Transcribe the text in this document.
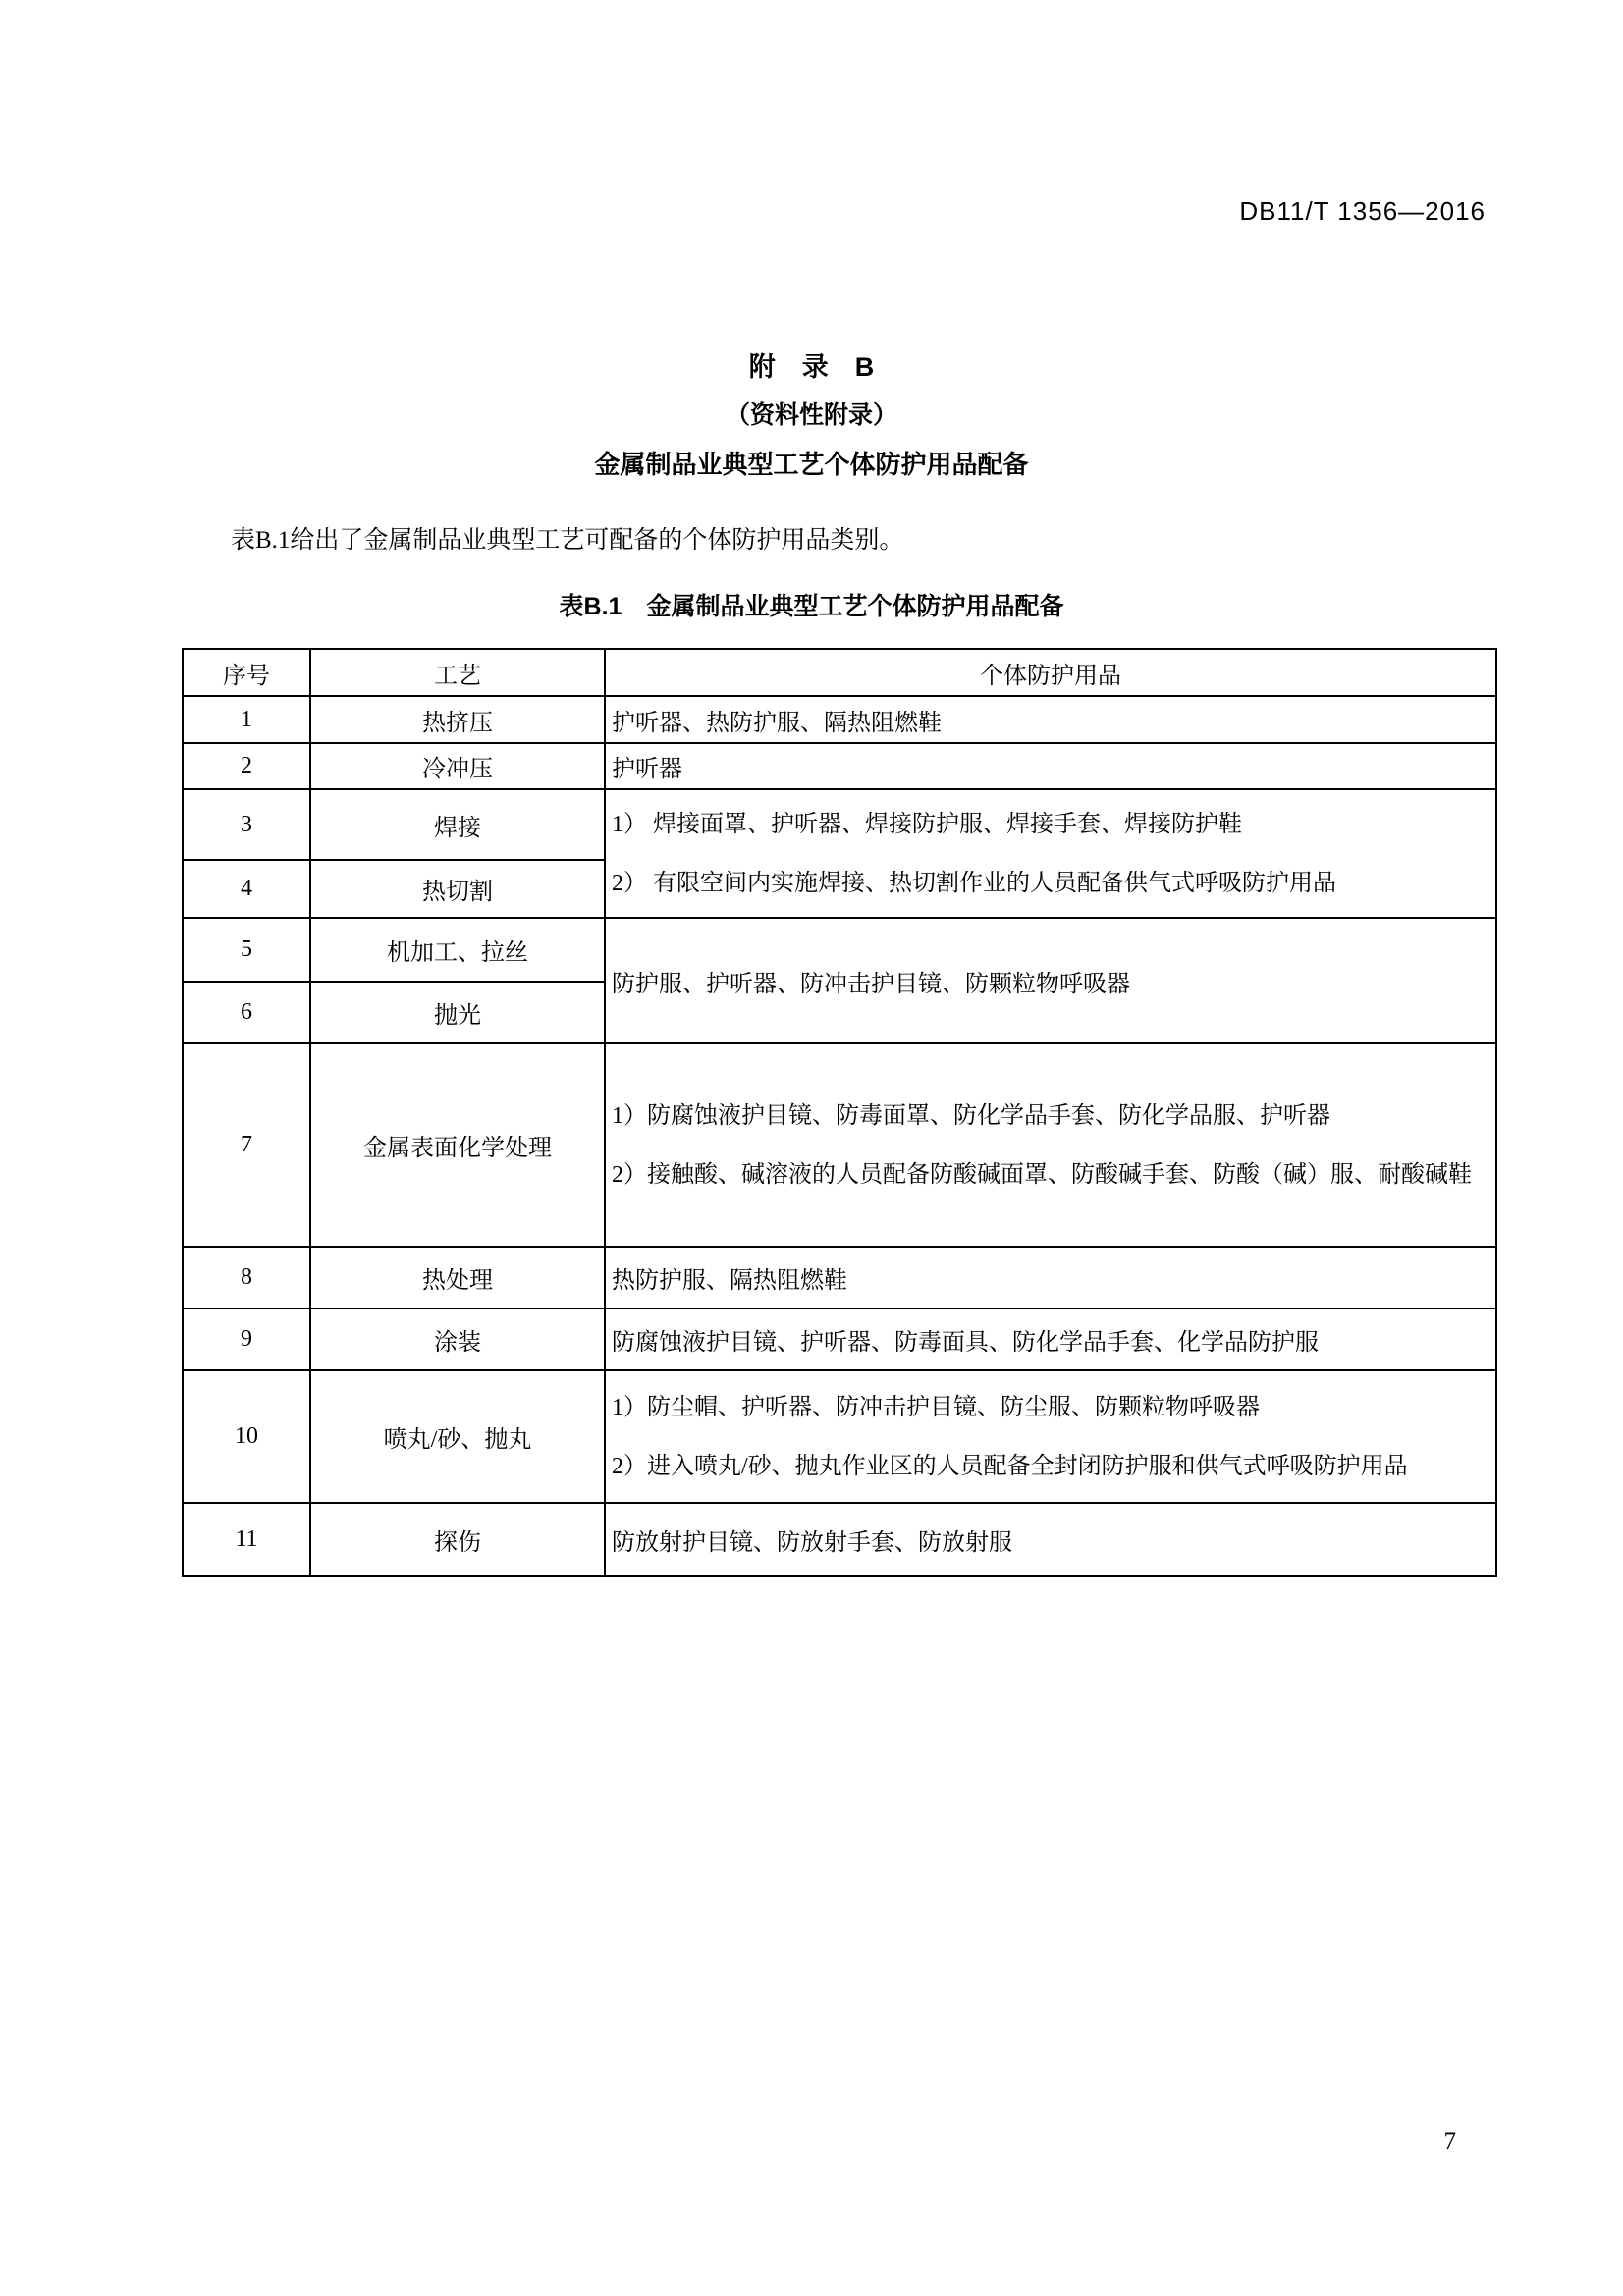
DB11/T 1356—2016
附　录　B
（资料性附录）
金属制品业典型工艺个体防护用品配备
表B.1给出了金属制品业典型工艺可配备的个体防护用品类别。
表B.1　金属制品业典型工艺个体防护用品配备
序号	工艺	个体防护用品
1	热挤压	护听器、热防护服、隔热阻燃鞋
2	冷冲压	护听器
3	焊接	1） 焊接面罩、护听器、焊接防护服、焊接手套、焊接防护鞋
2） 有限空间内实施焊接、热切割作业的人员配备供气式呼吸防护用品

4	热切割	
5	机加工、拉丝	防护服、护听器、防冲击护目镜、防颗粒物呼吸器
6	抛光	
7	金属表面化学处理	1）防腐蚀液护目镜、防毒面罩、防化学品手套、防化学品服、护听器
2）接触酸、碱溶液的人员配备防酸碱面罩、防酸碱手套、防酸（碱）服、耐酸碱鞋

8	热处理	热防护服、隔热阻燃鞋
9	涂装	防腐蚀液护目镜、护听器、防毒面具、防化学品手套、化学品防护服
10	喷丸/砂、抛丸	1）防尘帽、护听器、防冲击护目镜、防尘服、防颗粒物呼吸器
2）进入喷丸/砂、抛丸作业区的人员配备全封闭防护服和供气式呼吸防护用品

11	探伤	防放射护目镜、防放射手套、防放射服
7
